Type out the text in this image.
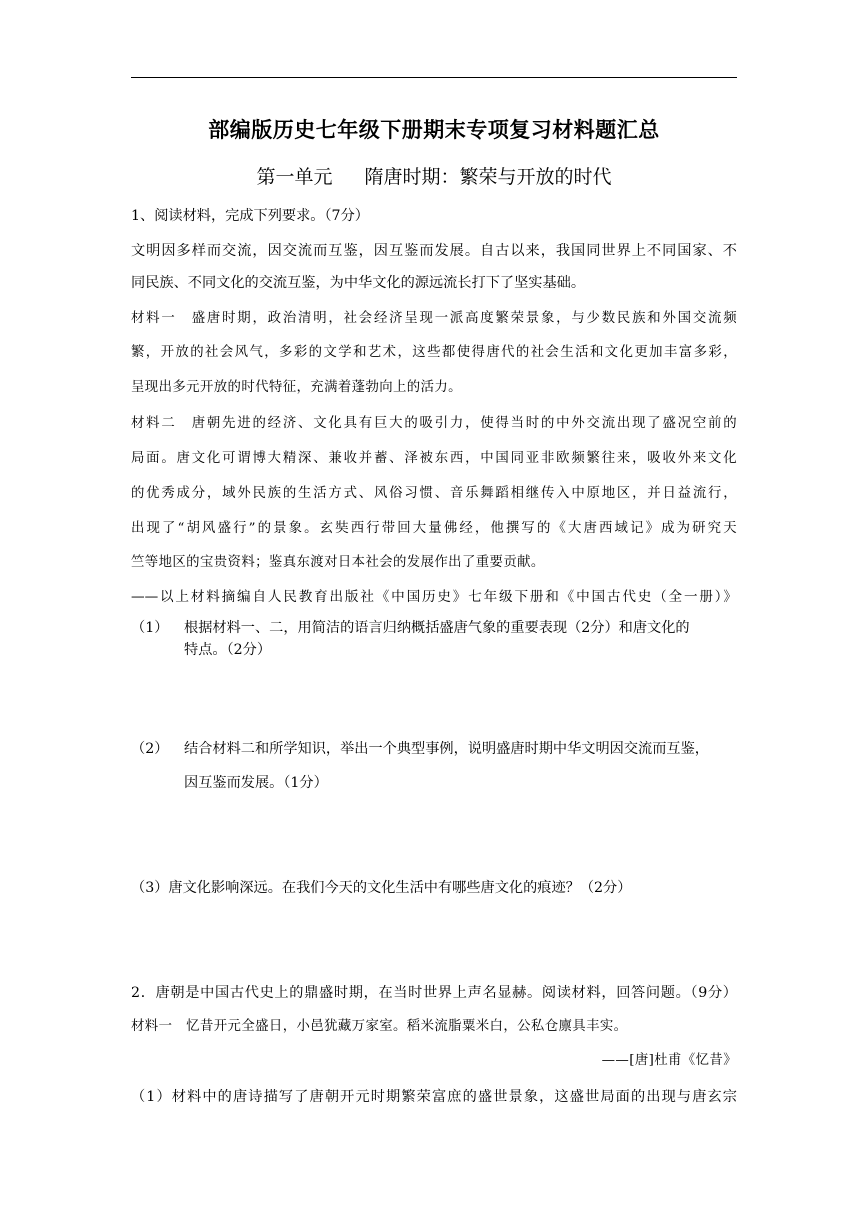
部编版历史七年级下册期末专项复习材料题汇总
第一单元 隋唐时期：繁荣与开放的时代
1、阅读材料，完成下列要求。（7分）
文明因多样而交流，因交流而互鉴，因互鉴而发展。自古以来，我国同世界上不同国家、不
同民族、不同文化的交流互鉴，为中华文化的源远流长打下了坚实基础。
材料一　盛唐时期，政治清明，社会经济呈现一派高度繁荣景象，与少数民族和外国交流频
繁，开放的社会风气，多彩的文学和艺术，这些都使得唐代的社会生活和文化更加丰富多彩，
呈现出多元开放的时代特征，充满着蓬勃向上的活力。
材料二　唐朝先进的经济、文化具有巨大的吸引力，使得当时的中外交流出现了盛况空前的
局面。唐文化可谓博大精深、兼收并蓄、泽被东西，中国同亚非欧频繁往来，吸收外来文化
的优秀成分，域外民族的生活方式、风俗习惯、音乐舞蹈相继传入中原地区，并日益流行，
出现了“胡风盛行”的景象。玄奘西行带回大量佛经，他撰写的《大唐西域记》成为研究天
竺等地区的宝贵资料；鉴真东渡对日本社会的发展作出了重要贡献。
——以上材料摘编自人民教育出版社《中国历史》七年级下册和《中国古代史（全一册）》
（1） 根据材料一、二，用简洁的语言归纳概括盛唐气象的重要表现（2分）和唐文化的
特点。（2分）
（2） 结合材料二和所学知识，举出一个典型事例，说明盛唐时期中华文明因交流而互鉴，
因互鉴而发展。（1分）
（3）唐文化影响深远。在我们今天的文化生活中有哪些唐文化的痕迹？（2分）
2．唐朝是中国古代史上的鼎盛时期，在当时世界上声名显赫。阅读材料，回答问题。（9分）
材料一　忆昔开元全盛日，小邑犹藏万家室。稻米流脂粟米白，公私仓廪具丰实。
——[唐]杜甫《忆昔》
（1）材料中的唐诗描写了唐朝开元时期繁荣富庶的盛世景象，这盛世局面的出现与唐玄宗
